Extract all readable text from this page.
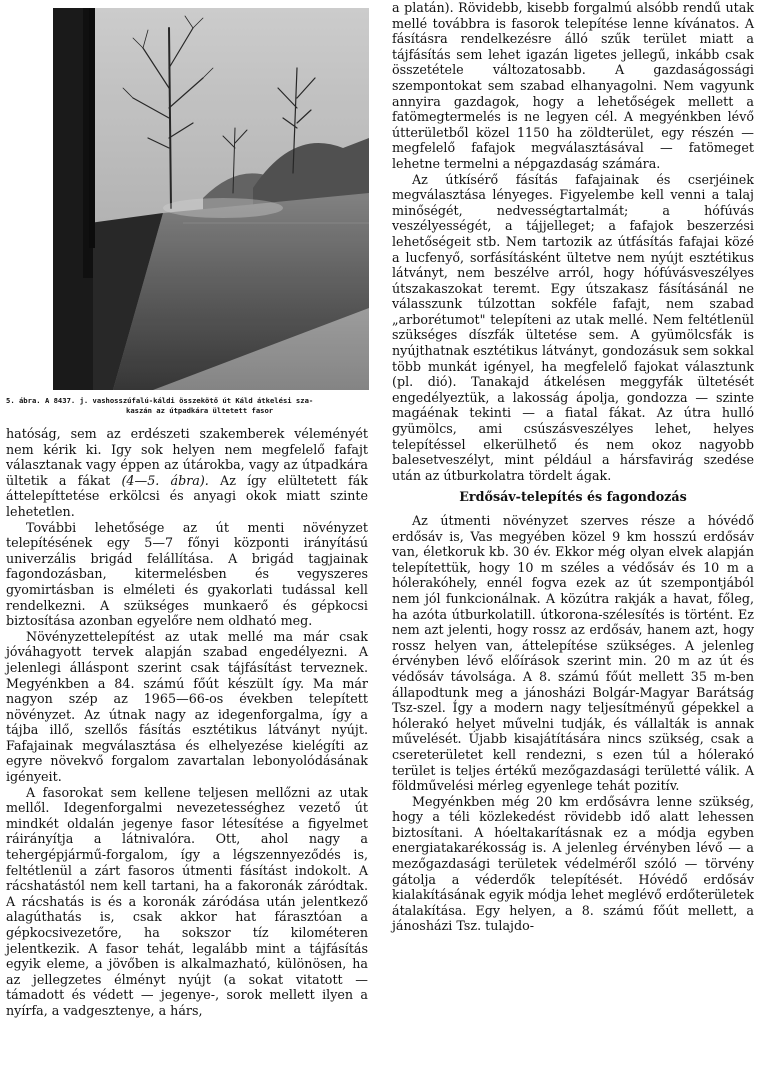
5. ábra. A 8437. j. vashosszúfalú-káldi összekötő út Káld átkelési sza-
kaszán az útpadkára ültetett fasor

hatóság, sem az erdészeti szakemberek véleményét nem kérik ki. Igy sok helyen nem megfelelő fafajt választanak vagy éppen az útárokba, vagy az útpadkára ültetik a fákat (4—5. ábra). Az így elültetett fák áttelepíttetése erkölcsi és anyagi okok miatt szinte lehetetlen.

További lehetősége az út menti növényzet telepítésének egy 5—7 főnyi központi irányítású univerzális brigád felállítása. A brigád tagjainak fagondozásban, kitermelésben és vegyszeres gyomirtásban is elméleti és gyakorlati tudással kell rendelkezni. A szükséges munkaerő és gépkocsi biztosítása azonban egyelőre nem oldható meg.

Növényzettelepítést az utak mellé ma már csak jóváhagyott tervek alapján szabad engedélyezni. A jelenlegi álláspont szerint csak tájfásítást terveznek. Megyénkben a 84. számú főút készült így. Ma már nagyon szép az 1965—66-os években telepített növényzet. Az útnak nagy az idegenforgalma, így a tájba illő, szellős fásítás esztétikus látványt nyújt. Fafajainak megválasztása és elhelyezése kielégíti az egyre növekvő forgalom zavartalan lebonyolódásának igényeit.

A fasorokat sem kellene teljesen mellőzni az utak mellől. Idegenforgalmi nevezetességhez vezető út mindkét oldalán jegenye fasor létesítése a figyelmet ráirányítja a látnivalóra. Ott, ahol nagy a tehergépjármű-forgalom, így a légszennyeződés is, feltétlenül a zárt fasoros útmenti fásítást indokolt. A rácshatástól nem kell tartani, ha a fakoronák záródtak. A rácshatás is és a koronák záródása után jelentkező alagúthatás is, csak akkor hat fárasztóan a gépkocsivezetőre, ha sokszor tíz kilométeren jelentkezik. A fasor tehát, legalább mint a tájfásítás egyik eleme, a jövőben is alkalmazható, különösen, ha az jellegzetes élményt nyújt (a sokat vitatott — támadott és védett — jegenye-, sorok mellett ilyen a nyírfa, a vadgesztenye, a hárs,

a platán). Rövidebb, kisebb forgalmú alsóbb rendű utak mellé továbbra is fasorok telepítése lenne kívánatos. A fásításra rendelkezésre álló szűk terület miatt a tájfásítás sem lehet igazán ligetes jellegű, inkább csak összetétele változatosabb. A gazdaságossági szempontokat sem szabad elhanyagolni. Nem vagyunk annyira gazdagok, hogy a lehetőségek mellett a fatömegtermelés is ne legyen cél. A megyénkben lévő útterületből közel 1150 ha zöldterület, egy részén — megfelelő fafajok megválasztásával — fatömeget lehetne termelni a népgazdaság számára.

Az útkísérő fásítás fafajainak és cserjéinek megválasztása lényeges. Figyelembe kell venni a talaj minőségét, nedvességtartalmát; a hófúvás veszélyességét, a tájjelleget; a fafajok beszerzési lehetőségeit stb. Nem tartozik az útfásítás fafajai közé a lucfenyő, sorfásításként ültetve nem nyújt esztétikus látványt, nem beszélve arról, hogy hófúvásveszélyes útszakaszokat teremt. Egy útszakasz fásításánál ne válasszunk túlzottan sokféle fafajt, nem szabad „arborétumot" telepíteni az utak mellé. Nem feltétlenül szükséges díszfák ültetése sem. A gyümölcsfák is nyújthatnak esztétikus látványt, gondozásuk sem sokkal több munkát igényel, ha megfelelő fajokat választunk (pl. dió). Tanakajd átkelésen meggyfák ültetését engedélyeztük, a lakosság ápolja, gondozza — szinte magáénak tekinti — a fiatal fákat. Az útra hulló gyümölcs, ami csúszásveszélyes lehet, helyes telepítéssel elkerülhető és nem okoz nagyobb balesetveszélyt, mint például a hársfavirág szedése után az útburkolatra tördelt ágak.

Erdősáv-telepítés és fagondozás

Az útmenti növényzet szerves része a hóvédő erdősáv is, Vas megyében közel 9 km hosszú erdősáv van, életkoruk kb. 30 év. Ekkor még olyan elvek alapján telepítettük, hogy 10 m széles a védősáv és 10 m a hólerakóhely, ennél fogva ezek az út szempontjából nem jól funkcionálnak. A közútra rakják a havat, főleg, ha azóta útburkolatill. útkorona-szélesítés is történt. Ez nem azt jelenti, hogy rossz az erdősáv, hanem azt, hogy rossz helyen van, áttelepítése szükséges. A jelenleg érvényben lévő előírások szerint min. 20 m az út és védősáv távolsága. A 8. számú főút mellett 35 m-ben állapodtunk meg a jánosházi Bolgár-Magyar Barátság Tsz-szel. Így a modern nagy teljesítményű gépekkel a hólerakó helyet művelni tudják, és vállalták is annak művelését. Újabb kisajátítására nincs szükség, csak a csereterületet kell rendezni, s ezen túl a hólerakó terület is teljes értékű mezőgazdasági területté válik. A földművelési mérleg egyenlege tehát pozitív.

Megyénkben még 20 km erdősávra lenne szükség, hogy a téli közlekedést rövidebb idő alatt lehessen biztosítani. A hóeltakarításnak ez a módja egyben energiatakarékosság is. A jelenleg érvényben lévő — a mezőgazdasági területek védelméről szóló — törvény gátolja a véderdők telepítését. Hóvédő erdősáv kialakításának egyik módja lehet meglévő erdőterületek átalakítása. Egy helyen, a 8. számú főút mellett, a jánosházi Tsz. tulajdo-
